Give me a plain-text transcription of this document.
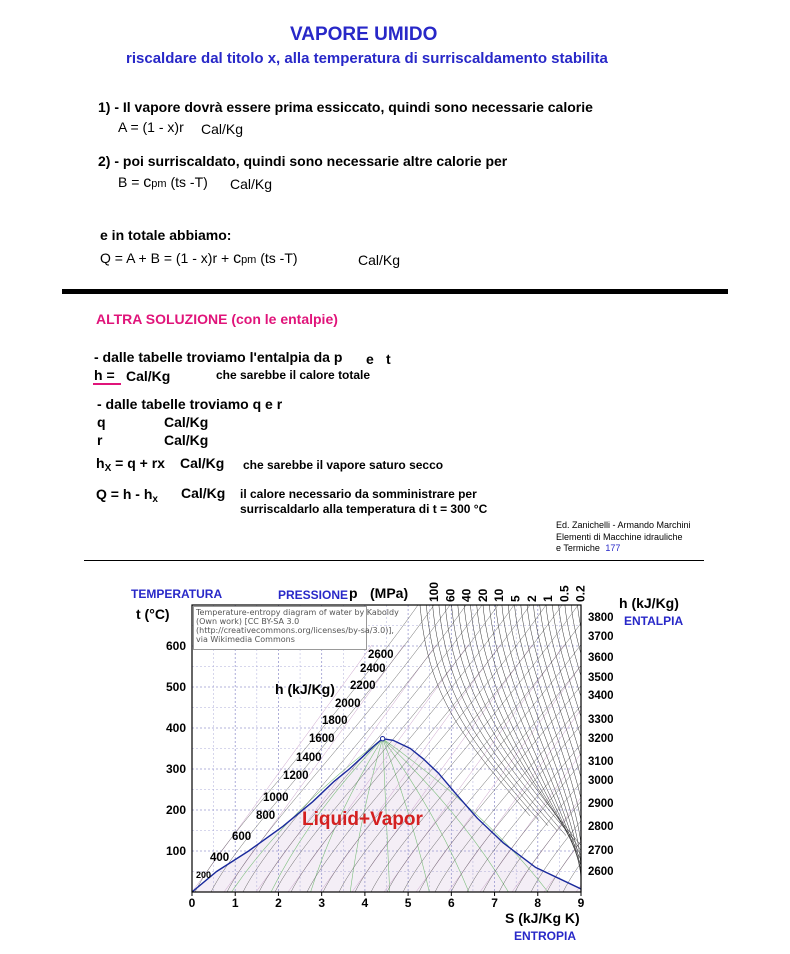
VAPORE UMIDO
riscaldare dal titolo x, alla temperatura di surriscaldamento stabilita
1) - Il vapore dovrà essere prima essiccato, quindi sono necessarie calorie
A = (1 - x)r Cal/Kg
2) - poi surriscaldato, quindi sono necessarie altre calorie per
B = cpm (ts -T) Cal/Kg
e in totale abbiamo:
Q = A + B = (1 - x)r + cpm (ts -T)	Cal/Kg
ALTRA SOLUZIONE (con le entalpie)
- dalle tabelle troviamo l'entalpia da p e t
h = Cal/Kg	che sarebbe il calore totale
- dalle tabelle troviamo q e r
q	Cal/Kg
r	Cal/Kg
$h_X = q$ + rx Cal/Kg che sarebbe il vapore saturo secco
$Q = h - h_x$ Cal/Kg il calore necessario da somministrare per
surriscaldarlo alla temperatura di t = 300 °C
Ed. Zanichelli - Armando Marchini
Elementi di Macchine idrauliche
e Termiche 177
0	1	2	3	4	5	6	7	8	9
100
200
300
400
500
600
100 60 40 20 10 5 2 1 0.5 0.2
200
400
600
800
1000
1200
1400
1600
1800
2000
2200
2400
2600
3800
3700
3600
3500
3400
3300
3200
3100
3000
2900
2800
2700
2600
Temperature-entropy diagram of water by Kaboldy
(Own work) [CC BY-SA 3.0
(http://creativecommons.org/licenses/by-sa/3.0)],
via Wikimedia Commons
TEMPERATURA	PRESSIONE p (MPa)
t (°C)
h (kJ/Kg)
ENTALPIA
h (kJ/Kg)
Liquid+Vapor
S (kJ/Kg K)
ENTROPIA
